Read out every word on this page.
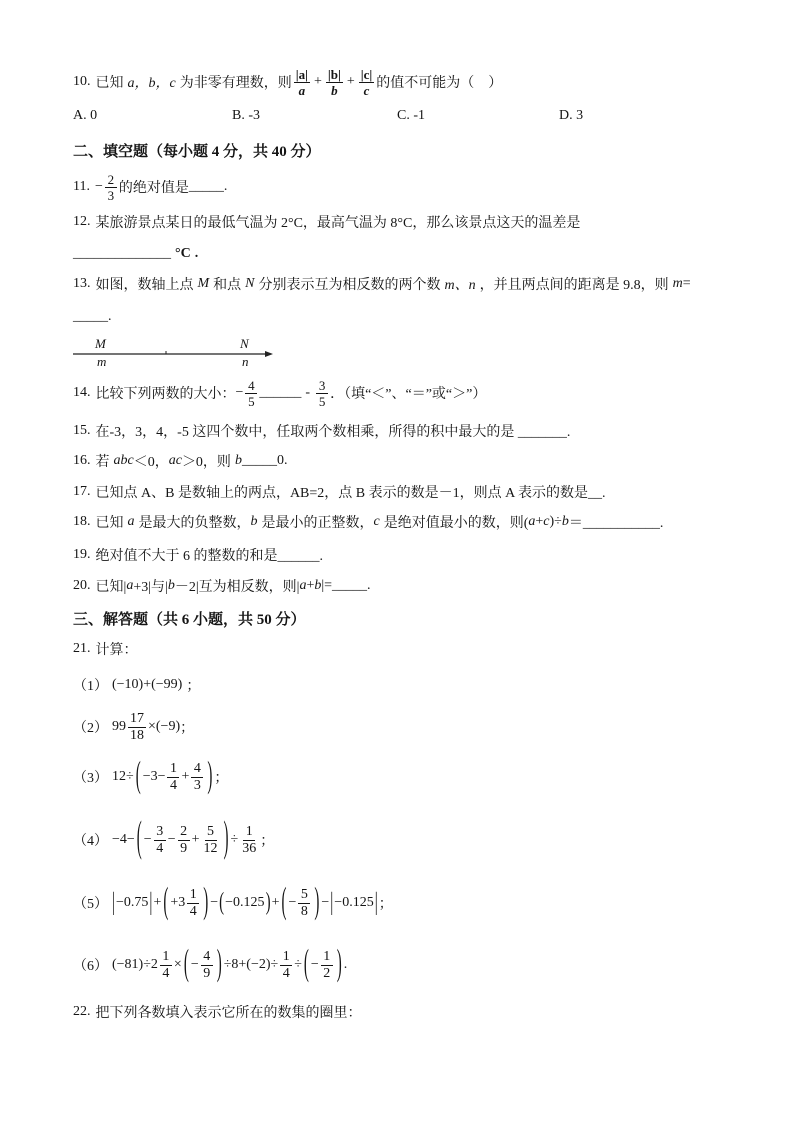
10. 已知 a，b，c 为非零有理数，则 $\frac{|a|}{a} + \frac{|b|}{b} + \frac{|c|}{c}$ 的值不可能为（　）
A. 0	B. -3	C. -1	D. 3
二、填空题（每小题 4 分，共 40 分）
11. − $\frac{2}{3}$ 的绝对值是 _____ .
12. 某旅游景点某日的最低气温为 2°C，最高气温为 8°C，那么该景点这天的温差是
______________ °C .
13. 如图，数轴上点 M 和点 N 分别表示互为相反数的两个数 m、n ，并且两点间的距离是 9.8，则 m =
_____ .
M
m
N
n
14. 比较下列两数的大小： − $\frac{4}{5}$ ______ - $\frac{3}{5}$ ．（填“＜”、“＝”或“＞”）
15. 在-3，3，4，-5 这四个数中，任取两个数相乘，所得的积中最大的是 _______.
16. 若 abc ＜0， ac ＞0，则 b _____0.
17. 已知点 A、B 是数轴上的两点，AB=2，点 B 表示的数是－1，则点 A 表示的数是__.
18. 已知 a 是最大的负整数， b 是最小的正整数， c 是绝对值最小的数，则( a + c )÷ b ＝___________.
19. 绝对值不大于 6 的整数的和是______.
20. 已知| a +3|与| b －2|互为相反数，则| a + b |=_____.
三、解答题（共 6 小题，共 50 分）
21. 计算：
（1） (−10)+(−99) ；
（2） $99 \frac{17}{18} \times(-9)$ ；
（3） 12÷ ( $-3- \frac{1}{4} + \frac{4}{3}$ ) ；
（4） −4− ( − $\frac{3}{4} - \frac{2}{9} + \frac{5}{12}$ ) ÷ $\frac{1}{36}$ ；
（5） | −0.75 | + ( $+3 \frac{1}{4}$ ) − ( −0.125 ) + ( − $\frac{5}{8}$ ) − | −0.125 | ；
（6） $(-81)\div 2 \frac{1}{4}$ × ( − $\frac{4}{9}$ ) $\div 8+(-2)\div \frac{1}{4}$ ÷ ( − $\frac{1}{2}$ ) .
22. 把下列各数填入表示它所在的数集的圈里：
